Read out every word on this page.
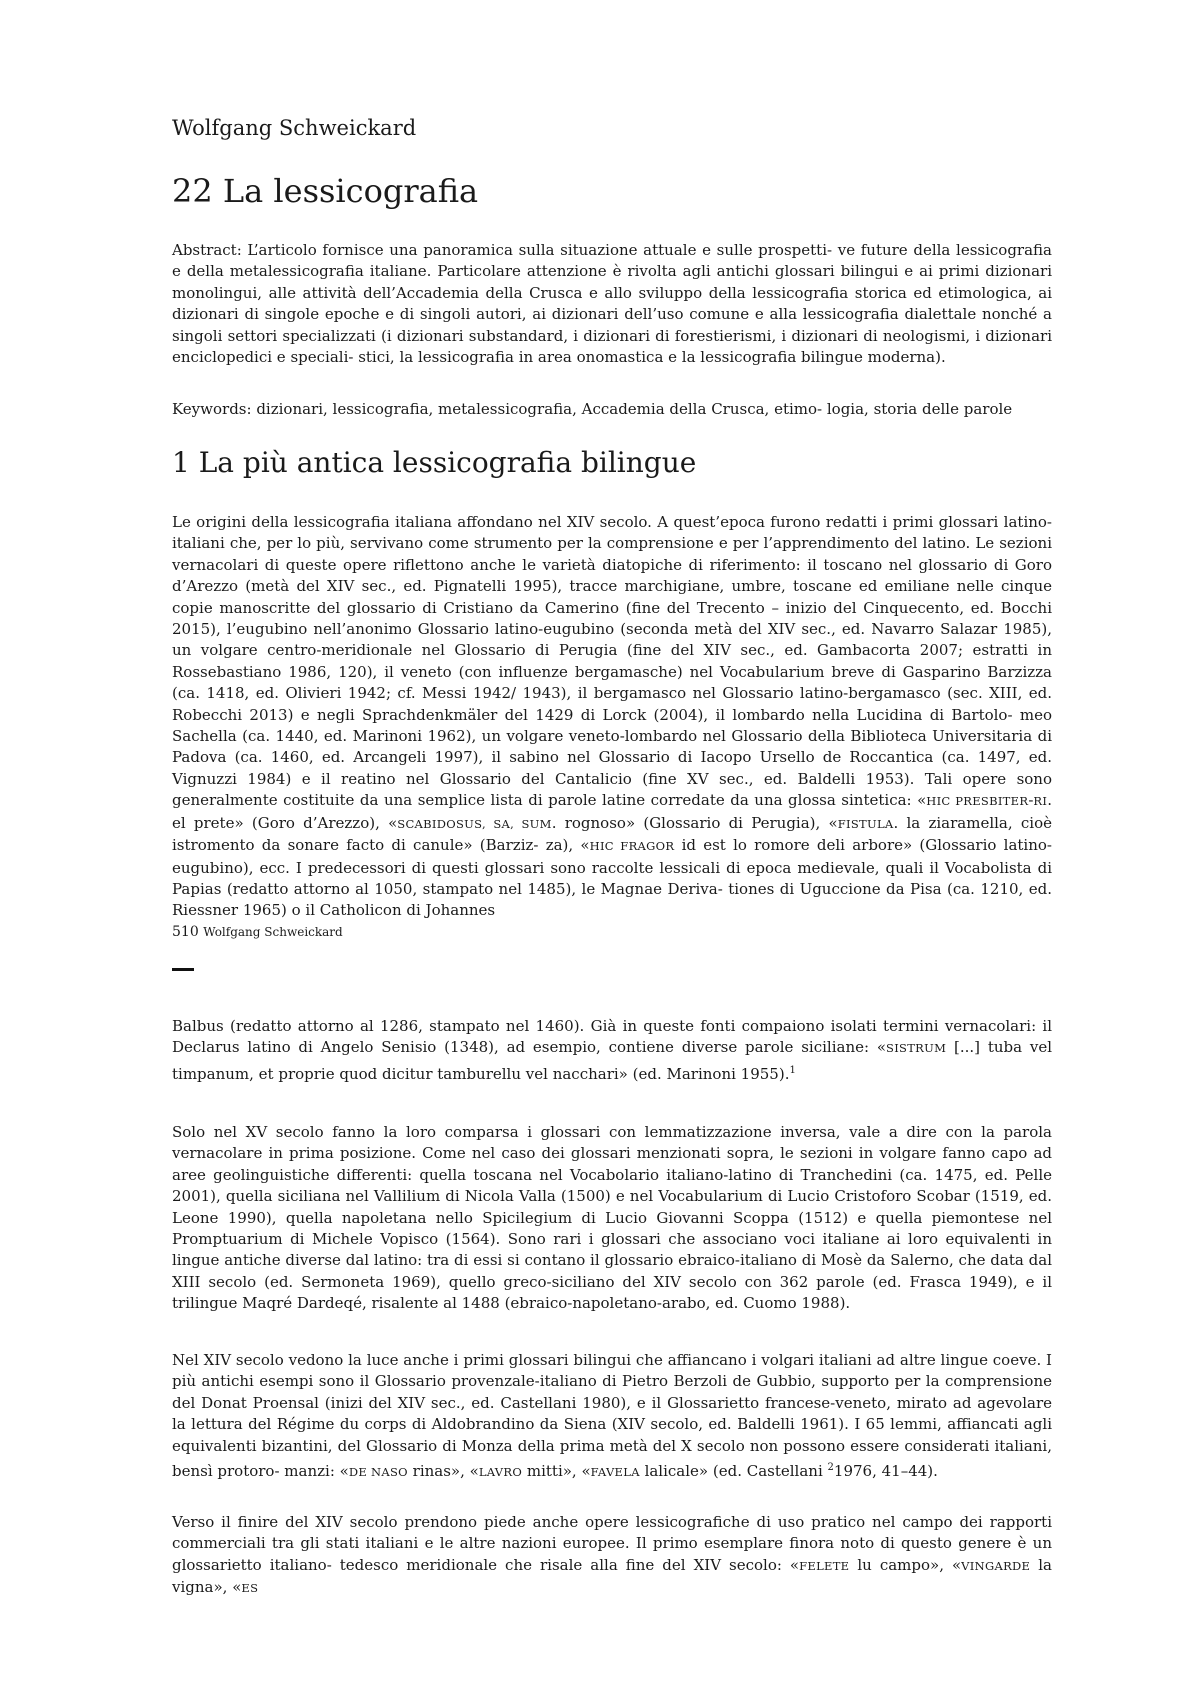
Wolfgang Schweickard
22 La lessicografia
Abstract: L’articolo fornisce una panoramica sulla situazione attuale e sulle prospetti- ve future della lessicografia e della metalessicografia italiane. Particolare attenzione è rivolta agli antichi glossari bilingui e ai primi dizionari monolingui, alle attività dell’Accademia della Crusca e allo sviluppo della lessicografia storica ed etimologica, ai dizionari di singole epoche e di singoli autori, ai dizionari dell’uso comune e alla lessicografia dialettale nonché a singoli settori specializzati (i dizionari substandard, i dizionari di forestierismi, i dizionari di neologismi, i dizionari enciclopedici e speciali- stici, la lessicografia in area onomastica e la lessicografia bilingue moderna).
Keywords: dizionari, lessicografia, metalessicografia, Accademia della Crusca, etimo- logia, storia delle parole
1 La più antica lessicografia bilingue
Le origini della lessicografia italiana affondano nel XIV secolo. A quest’epoca furono redatti i primi glossari latino-italiani che, per lo più, servivano come strumento per la comprensione e per l’apprendimento del latino. Le sezioni vernacolari di queste opere riflettono anche le varietà diatopiche di riferimento: il toscano nel glossario di Goro d’Arezzo (metà del XIV sec., ed. Pignatelli 1995), tracce marchigiane, umbre, toscane ed emiliane nelle cinque copie manoscritte del glossario di Cristiano da Camerino (fine del Trecento – inizio del Cinquecento, ed. Bocchi 2015), l’eugubino nell’anonimo Glossario latino-eugubino (seconda metà del XIV sec., ed. Navarro Salazar 1985), un volgare centro-meridionale nel Glossario di Perugia (fine del XIV sec., ed. Gambacorta 2007; estratti in Rossebastiano 1986, 120), il veneto (con influenze bergamasche) nel Vocabularium breve di Gasparino Barzizza (ca. 1418, ed. Olivieri 1942; cf. Messi 1942/ 1943), il bergamasco nel Glossario latino-bergamasco (sec. XIII, ed. Robecchi 2013) e negli Sprachdenkmäler del 1429 di Lorck (2004), il lombardo nella Lucidina di Bartolo- meo Sachella (ca. 1440, ed. Marinoni 1962), un volgare veneto-lombardo nel Glossario della Biblioteca Universitaria di Padova (ca. 1460, ed. Arcangeli 1997), il sabino nel Glossario di Iacopo Ursello de Roccantica (ca. 1497, ed. Vignuzzi 1984) e il reatino nel Glossario del Cantalicio (fine XV sec., ed. Baldelli 1953). Tali opere sono generalmente costituite da una semplice lista di parole latine corredate da una glossa sintetica: «HIC PRESBITER-RI. el prete» (Goro d’Arezzo), «SCABIDOSUS, SA, SUM. rognoso» (Glossario di Perugia), «FISTULA. la ziaramella, cioè istromento da sonare facto di canule» (Barziz- za), «HIC FRAGOR id est lo romore deli arbore» (Glossario latino-eugubino), ecc. I predecessori di questi glossari sono raccolte lessicali di epoca medievale, quali il Vocabolista di Papias (redatto attorno al 1050, stampato nel 1485), le Magnae Deriva- tiones di Uguccione da Pisa (ca. 1210, ed. Riessner 1965) o il Catholicon di Johannes
510 Wolfgang Schweickard
Balbus (redatto attorno al 1286, stampato nel 1460). Già in queste fonti compaiono isolati termini vernacolari: il Declarus latino di Angelo Senisio (1348), ad esempio, contiene diverse parole siciliane: «SISTRUM [...] tuba vel timpanum, et proprie quod dicitur tamburellu vel nacchari» (ed. Marinoni 1955).$^1$
Solo nel XV secolo fanno la loro comparsa i glossari con lemmatizzazione inversa, vale a dire con la parola vernacolare in prima posizione. Come nel caso dei glossari menzionati sopra, le sezioni in volgare fanno capo ad aree geolinguistiche differenti: quella toscana nel Vocabolario italiano-latino di Tranchedini (ca. 1475, ed. Pelle 2001), quella siciliana nel Vallilium di Nicola Valla (1500) e nel Vocabularium di Lucio Cristoforo Scobar (1519, ed. Leone 1990), quella napoletana nello Spicilegium di Lucio Giovanni Scoppa (1512) e quella piemontese nel Promptuarium di Michele Vopisco (1564). Sono rari i glossari che associano voci italiane ai loro equivalenti in lingue antiche diverse dal latino: tra di essi si contano il glossario ebraico-italiano di Mosè da Salerno, che data dal XIII secolo (ed. Sermoneta 1969), quello greco-siciliano del XIV secolo con 362 parole (ed. Frasca 1949), e il trilingue Maqré Dardeqé, risalente al 1488 (ebraico-napoletano-arabo, ed. Cuomo 1988).
Nel XIV secolo vedono la luce anche i primi glossari bilingui che affiancano i volgari italiani ad altre lingue coeve. I più antichi esempi sono il Glossario provenzale-italiano di Pietro Berzoli de Gubbio, supporto per la comprensione del Donat Proensal (inizi del XIV sec., ed. Castellani 1980), e il Glossarietto francese-veneto, mirato ad agevolare la lettura del Régime du corps di Aldobrandino da Siena (XIV secolo, ed. Baldelli 1961). I 65 lemmi, affiancati agli equivalenti bizantini, del Glossario di Monza della prima metà del X secolo non possono essere considerati italiani, bensì protoro- manzi: «DE NASO rinas», «LAVRO mitti», «FAVELA lalicale» (ed. Castellani $^2$1976, 41–44).
Verso il finire del XIV secolo prendono piede anche opere lessicografiche di uso pratico nel campo dei rapporti commerciali tra gli stati italiani e le altre nazioni europee. Il primo esemplare finora noto di questo genere è un glossarietto italiano- tedesco meridionale che risale alla fine del XIV secolo: «FELETE lu campo», «VINGARDE la vigna», «ES
